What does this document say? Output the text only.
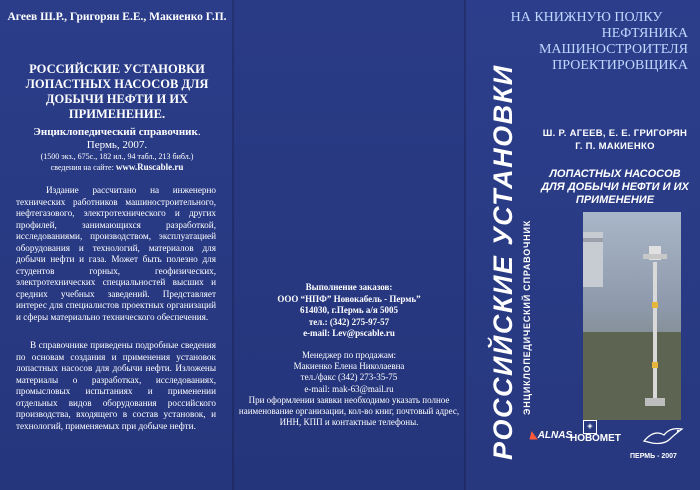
Агеев Ш.Р., Григорян Е.Е., Макиенко Г.П.
РОССИЙСКИЕ УСТАНОВКИ ЛОПАСТНЫХ НАСОСОВ ДЛЯ ДОБЫЧИ НЕФТИ И ИХ ПРИМЕНЕНИЕ.
Энциклопедический справочник.
Пермь, 2007.
(1500 экз., 675с., 182 ил., 94 табл., 213 библ.)
сведения на сайте: www.Ruscable.ru
Издание рассчитано на инженерно технических работников машиностроительного, нефтегазового, электротехнического и других профилей, занимающихся разработкой, исследованиями, производством, эксплуатацией оборудования и технологий, материалов для добычи нефти и газа. Может быть полезно для студентов горных, геофизических, электротехнических специальностей высших и средних учебных заведений. Представляет интерес для специалистов проектных организаций и сферы материально технического обеспечения.
В справочнике приведены подробные сведения по основам создания и применения установок лопастных насосов для добычи нефти. Изложены материалы о разработках, исследованиях, промысловых испытаниях и применении отдельных видов оборудования российского производства, входящего в состав установок, и технологий, применяемых при добыче нефти.
Выполнение заказов:
ООО “НПФ” Новокабель - Пермь”
614030, г.Пермь а/я 5005
тел.: (342) 275-97-57
e-mail: Lev@pscable.ru
Менеджер по продажам:
Макиенко Елена Николаевна
тел./факс (342) 273-35-75
e-mail: mak-63@mail.ru
При оформлении заявки необходимо указать полное наименование организации, кол-во книг, почтовый адрес, ИНН, КПП и контактные телефоны.
НА КНИЖНУЮ ПОЛКУ
НЕФТЯНИКА
МАШИНОСТРОИТЕЛЯ
ПРОЕКТИРОВЩИКА
РОССИЙСКИЕ УСТАНОВКИ ЭНЦИКЛОПЕДИЧЕСКИЙ СПРАВОЧНИК
Ш. Р. АГЕЕВ, Е. Е. ГРИГОРЯН
Г. П. МАКИЕНКО
ЛОПАСТНЫХ НАСОСОВ ДЛЯ ДОБЫЧИ НЕФТИ И ИХ ПРИМЕНЕНИЕ
◣ALNAS
◈
НОВОМЕТ
ПЕРМЬ - 2007
